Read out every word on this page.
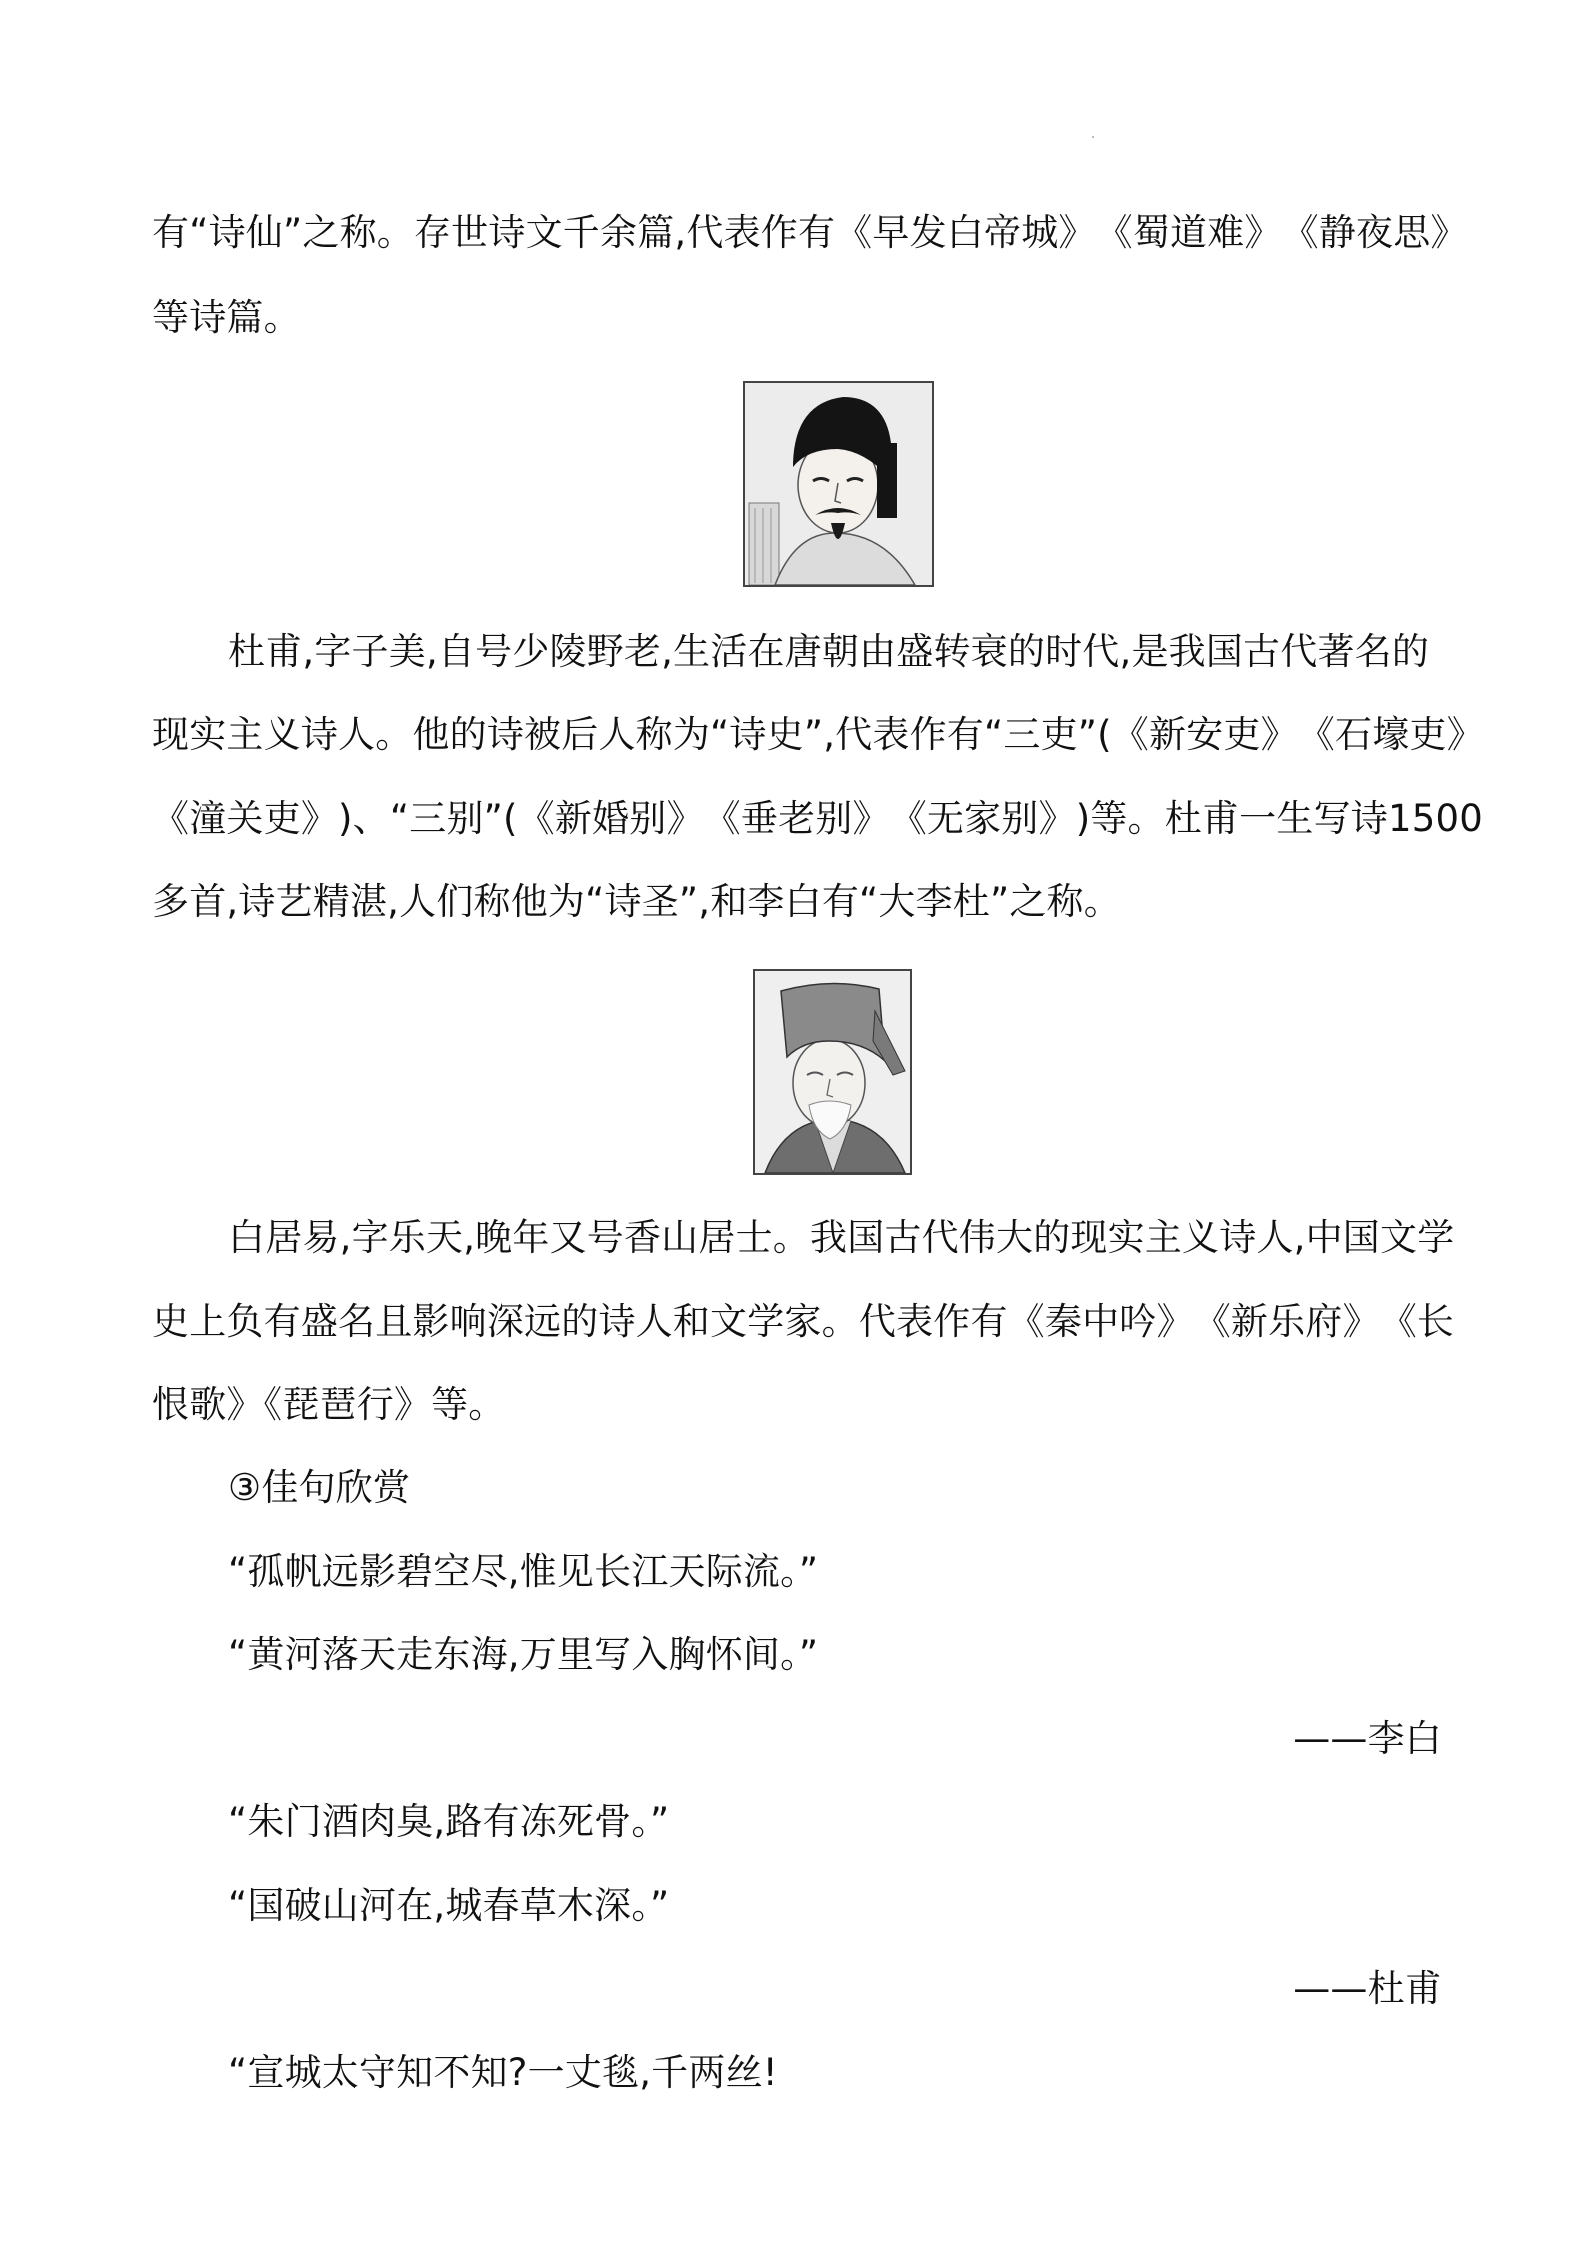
有 “ 诗 仙 ” 之 称 。 存 世 诗 文 千 余 篇 , 代 表 作 有 《 早 发 白 帝 城 》 《 蜀 道 难 》 《 静 夜 思 》
等诗篇。
杜甫,字子美,自号少陵野老,生活在唐朝由盛转衰的时代,是我国古代著名的
现 实 主 义 诗 人 。 他 的 诗 被 后 人 称 为 “ 诗 史 ” , 代 表 作 有 “ 三 吏 ” ( 《 新 安 吏 》 《 石 壕 吏 》
《 潼 关 吏 》 ) 、 “ 三 别 ” ( 《 新 婚 别 》 《 垂 老 别 》 《 无 家 别 》 ) 等 。 杜 甫 一 生 写 诗 1 5 0 0
多首,诗艺精湛,人们称他为“诗圣”,和李白有“大李杜”之称。
白 居 易 , 字 乐 天 , 晚 年 又 号 香 山 居 士 。 我 国 古 代 伟 大 的 现 实 主 义 诗 人 , 中 国 文 学
史 上 负 有 盛 名 且 影 响 深 远 的 诗 人 和 文 学 家 。 代 表 作 有 《 秦 中 吟 》 《 新 乐 府 》 《 长
恨歌》《琵琶行》等。
③佳句欣赏
“孤帆远影碧空尽,惟见长江天际流。”
“黄河落天走东海,万里写入胸怀间。”
——李白
“朱门酒肉臭,路有冻死骨。”
“国破山河在,城春草木深。”
——杜甫
“宣城太守知不知?一丈毯,千两丝!
